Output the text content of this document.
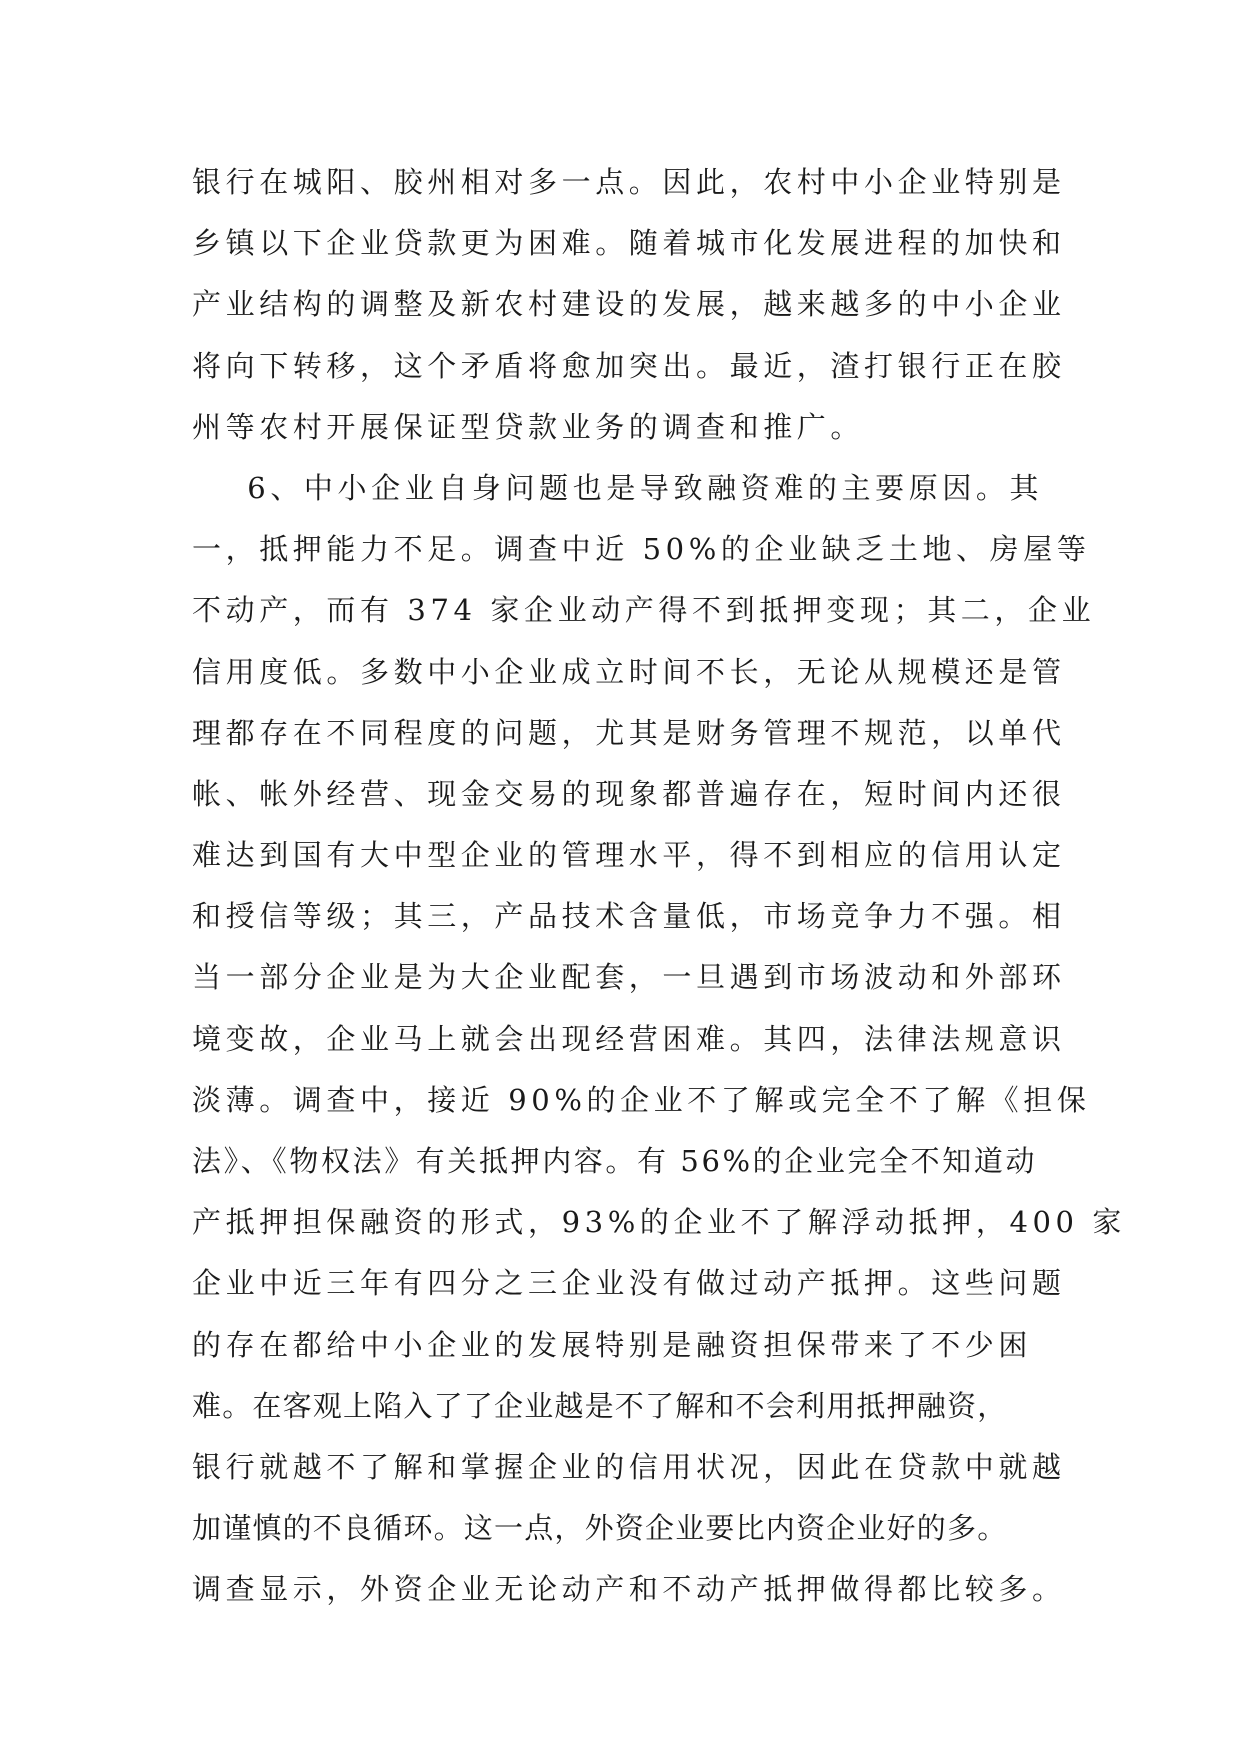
银行在城阳、胶州相对多一点。因此，农村中小企业特别是
乡镇以下企业贷款更为困难。随着城市化发展进程的加快和
产业结构的调整及新农村建设的发展，越来越多的中小企业
将向下转移，这个矛盾将愈加突出。最近，渣打银行正在胶
州等农村开展保证型贷款业务的调查和推广。
6、中小企业自身问题也是导致融资难的主要原因。其
一，抵押能力不足。调查中近 50%的企业缺乏土地、房屋等
不动产，而有 374 家企业动产得不到抵押变现；其二，企业
信用度低。多数中小企业成立时间不长，无论从规模还是管
理都存在不同程度的问题，尤其是财务管理不规范，以单代
帐、帐外经营、现金交易的现象都普遍存在，短时间内还很
难达到国有大中型企业的管理水平，得不到相应的信用认定
和授信等级；其三，产品技术含量低，市场竞争力不强。相
当一部分企业是为大企业配套，一旦遇到市场波动和外部环
境变故，企业马上就会出现经营困难。其四，法律法规意识
淡薄。调查中，接近 90%的企业不了解或完全不了解《担保
法》、《物权法》有关抵押内容。有 56%的企业完全不知道动
产抵押担保融资的形式，93%的企业不了解浮动抵押，400 家
企业中近三年有四分之三企业没有做过动产抵押。这些问题
的存在都给中小企业的发展特别是融资担保带来了不少困
难。在客观上陷入了了企业越是不了解和不会利用抵押融资，
银行就越不了解和掌握企业的信用状况，因此在贷款中就越
加谨慎的不良循环。这一点，外资企业要比内资企业好的多。
调查显示，外资企业无论动产和不动产抵押做得都比较多。
